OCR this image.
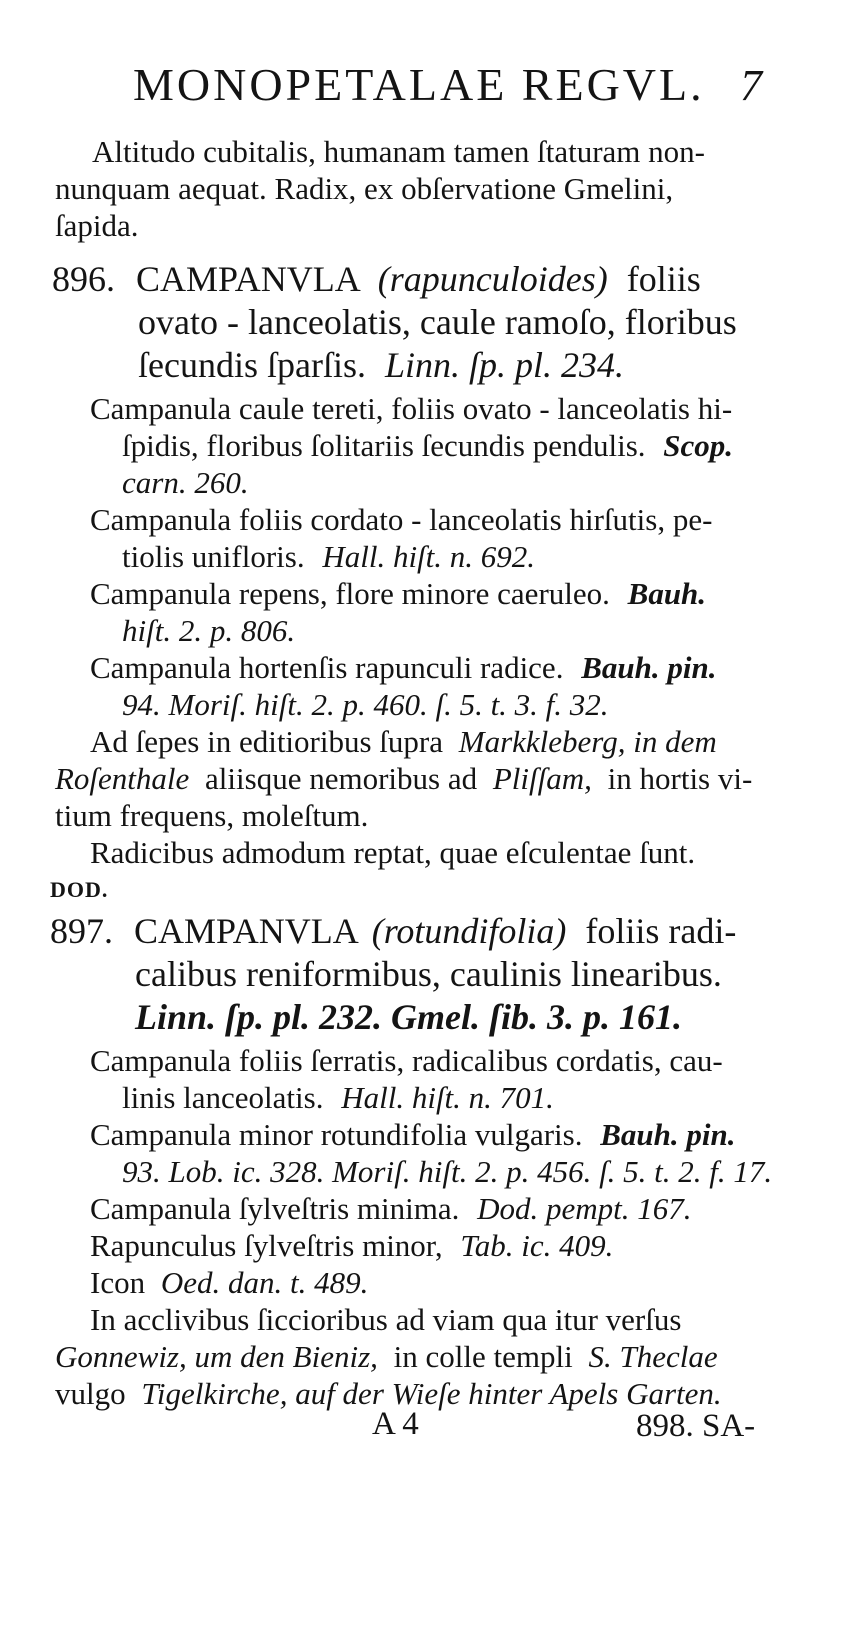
MONOPETALAE REGVL. 7
Altitudo cubitalis, humanam tamen ſtaturam non-
nunquam aequat. Radix, ex obſervatione Gmelini,
ſapida.
896. CAMPANVLA (rapunculoides) foliis
ovato - lanceolatis, caule ramoſo, floribus
ſecundis ſparſis. Linn. ſp. pl. 234.
Campanula caule tereti, foliis ovato - lanceolatis hi-
ſpidis, floribus ſolitariis ſecundis pendulis. Scop.
carn. 260.
Campanula foliis cordato - lanceolatis hirſutis, pe-
tiolis unifloris. Hall. hiſt. n. 692.
Campanula repens, flore minore caeruleo. Bauh.
hiſt. 2. p. 806.
Campanula hortenſis rapunculi radice. Bauh. pin.
94. Moriſ. hiſt. 2. p. 460. ſ. 5. t. 3. f. 32.
Ad ſepes in editioribus ſupra Markkleberg, in dem
Roſenthale aliisque nemoribus ad Pliſſam, in hortis vi-
tium frequens, moleſtum.
Radicibus admodum reptat, quae eſculentae ſunt.
DOD.
897. CAMPANVLA (rotundifolia) foliis radi-
calibus reniformibus, caulinis linearibus.
Linn. ſp. pl. 232. Gmel. ſib. 3. p. 161.
Campanula foliis ſerratis, radicalibus cordatis, cau-
linis lanceolatis. Hall. hiſt. n. 701.
Campanula minor rotundifolia vulgaris. Bauh. pin.
93. Lob. ic. 328. Moriſ. hiſt. 2. p. 456. ſ. 5. t. 2. f. 17.
Campanula ſylveſtris minima. Dod. pempt. 167.
Rapunculus ſylveſtris minor, Tab. ic. 409.
Icon Oed. dan. t. 489.
In acclivibus ſiccioribus ad viam qua itur verſus
Gonnewiz, um den Bieniz, in colle templi S. Theclae
vulgo Tigelkirche, auf der Wieſe hinter Apels Garten.
A 4	898. SA-
